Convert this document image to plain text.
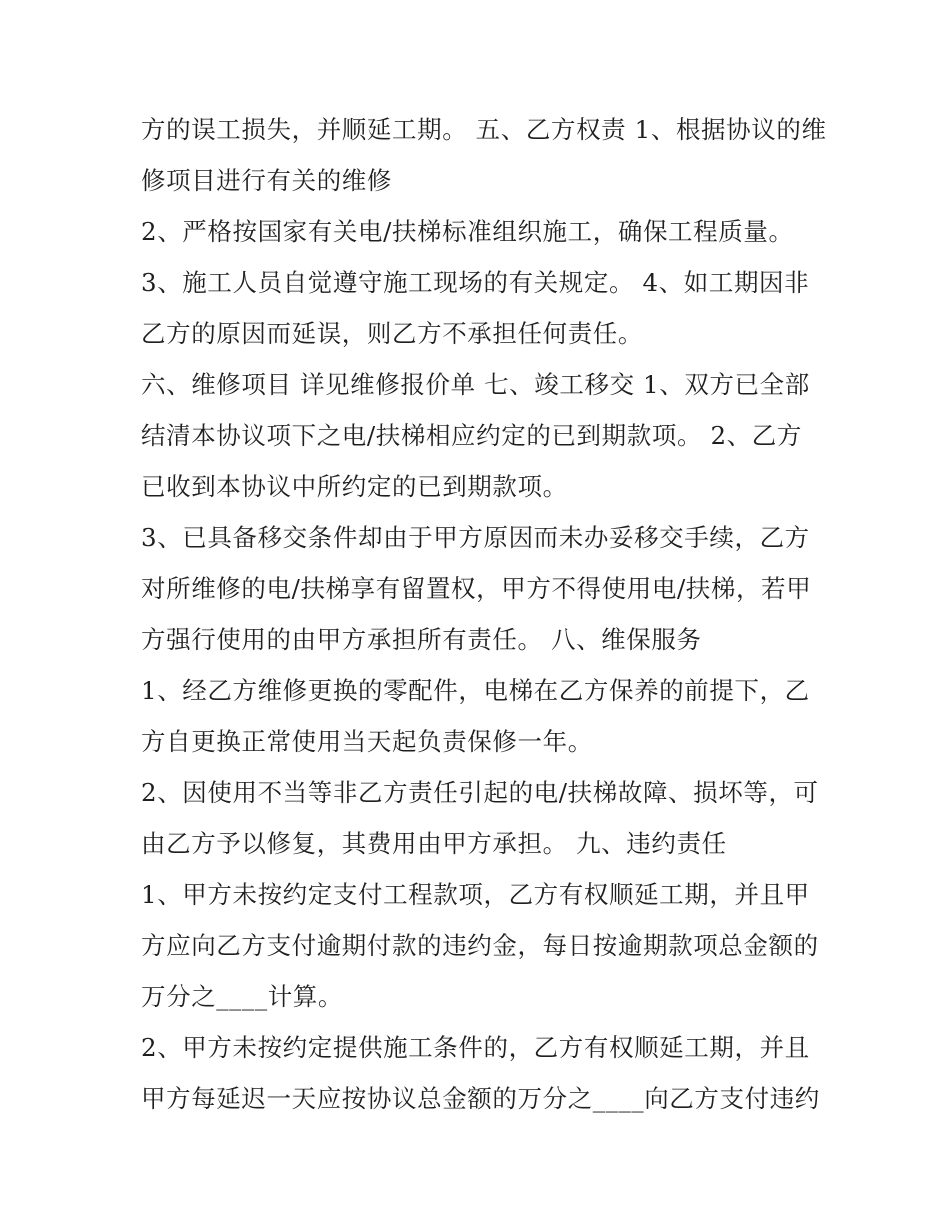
方的误工损失，并顺延工期。 五、乙方权责 1、根据协议的维
修项目进行有关的维修
2、严格按国家有关电/扶梯标准组织施工，确保工程质量。
3、施工人员自觉遵守施工现场的有关规定。 4、如工期因非
乙方的原因而延误，则乙方不承担任何责任。
六、维修项目 详见维修报价单 七、竣工移交 1、双方已全部
结清本协议项下之电/扶梯相应约定的已到期款项。 2、乙方
已收到本协议中所约定的已到期款项。
3、已具备移交条件却由于甲方原因而未办妥移交手续，乙方
对所维修的电/扶梯享有留置权，甲方不得使用电/扶梯，若甲
方强行使用的由甲方承担所有责任。 八、维保服务
1、经乙方维修更换的零配件，电梯在乙方保养的前提下，乙
方自更换正常使用当天起负责保修一年。
2、因使用不当等非乙方责任引起的电/扶梯故障、损坏等，可
由乙方予以修复，其费用由甲方承担。 九、违约责任
1、甲方未按约定支付工程款项，乙方有权顺延工期，并且甲
方应向乙方支付逾期付款的违约金，每日按逾期款项总金额的
万分之____计算。
2、甲方未按约定提供施工条件的，乙方有权顺延工期，并且
甲方每延迟一天应按协议总金额的万分之____向乙方支付违约
